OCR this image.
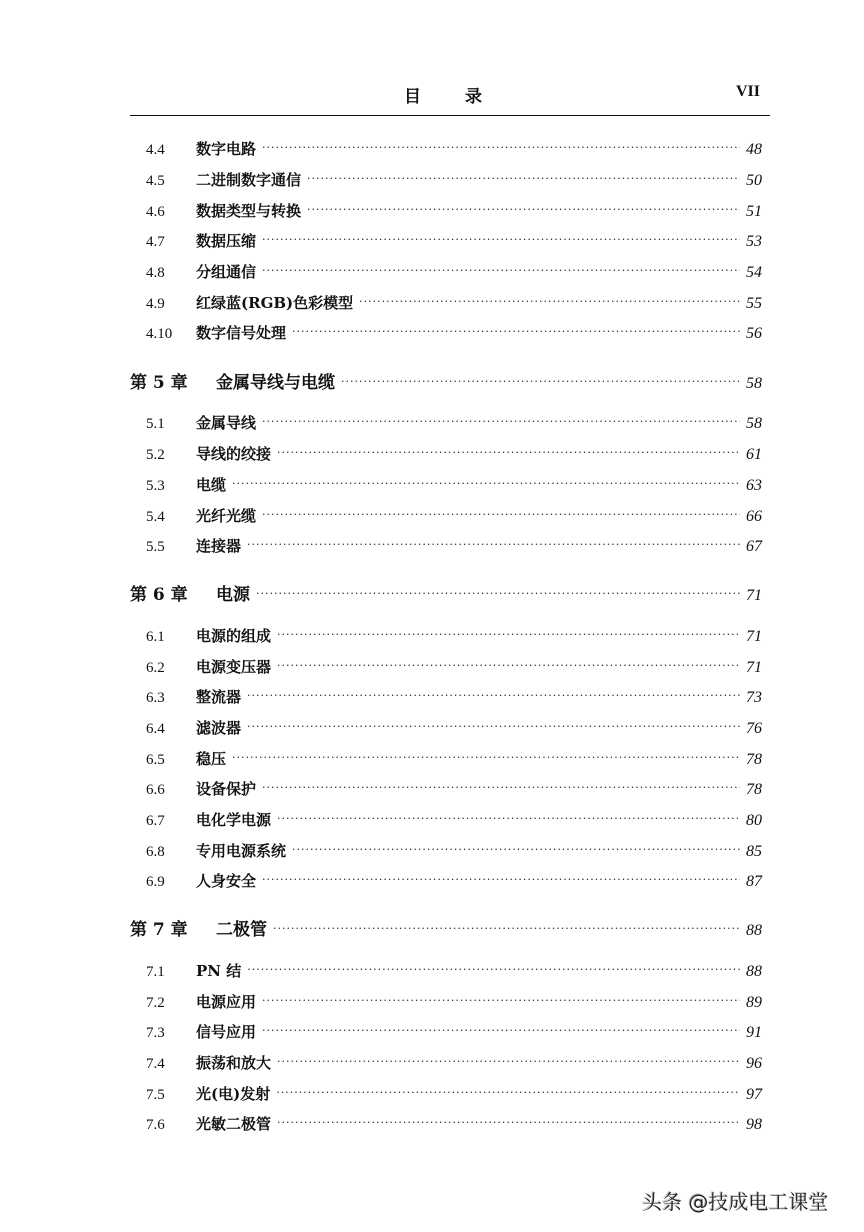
目录	VII
4.4	数字电路 ·····	48
4.5	二进制数字通信 ·····	50
4.6	数据类型与转换 ·····	51
4.7	数据压缩 ·····	53
4.8	分组通信 ·····	54
4.9	红绿蓝(RGB)色彩模型 ·····	55
4.10	数字信号处理 ·····	56
第 5 章	金属导线与电缆 ·····	58
5.1	金属导线 ·····	58
5.2	导线的绞接 ·····	61
5.3	电缆 ·····	63
5.4	光纤光缆 ·····	66
5.5	连接器 ·····	67
第 6 章	电源 ·····	71
6.1	电源的组成 ·····	71
6.2	电源变压器 ·····	71
6.3	整流器 ·····	73
6.4	滤波器 ·····	76
6.5	稳压 ·····	78
6.6	设备保护 ·····	78
6.7	电化学电源 ·····	80
6.8	专用电源系统 ·····	85
6.9	人身安全 ·····	87
第 7 章	二极管 ·····	88
7.1	PN 结 ·····	88
7.2	电源应用 ·····	89
7.3	信号应用 ·····	91
7.4	振荡和放大 ·····	96
7.5	光(电)发射 ·····	97
7.6	光敏二极管 ·····	98
头条 @技成电工课堂
